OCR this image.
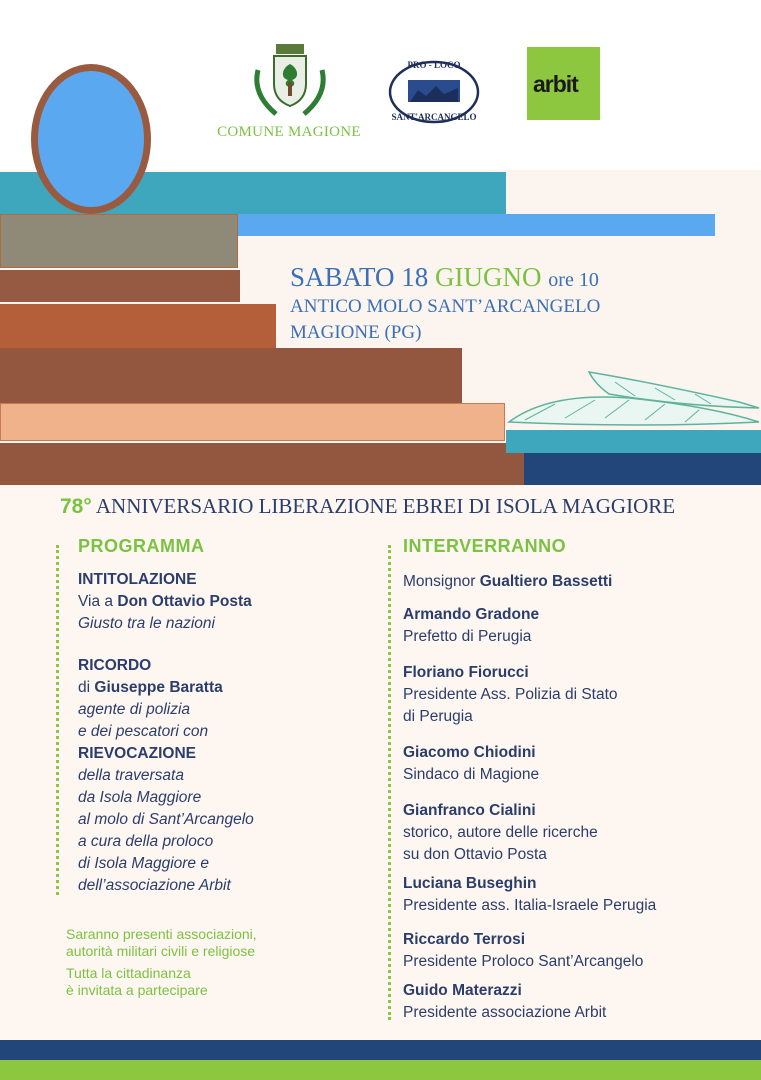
COMUNE MAGIONE
PRO - LOCO
SANT'ARCANGELO
arbit
SABATO 18 GIUGNO ore 10
ANTICO MOLO SANT’ARCANGELO
MAGIONE (PG)
78° ANNIVERSARIO LIBERAZIONE EBREI DI ISOLA MAGGIORE
PROGRAMMA
INTITOLAZIONE
Via a Don Ottavio Posta
Giusto tra le nazioni
RICORDO
di Giuseppe Baratta
agente di polizia
e dei pescatori con
RIEVOCAZIONE
della traversata
da Isola Maggiore
al molo di Sant’Arcangelo
a cura della proloco
di Isola Maggiore e
dell’associazione Arbit
Saranno presenti associazioni,
autorità militari civili e religiose
Tutta la cittadinanza
è invitata a partecipare
INTERVERRANNO
Monsignor Gualtiero Bassetti
Armando Gradone
Prefetto di Perugia
Floriano Fiorucci
Presidente Ass. Polizia di Stato
di Perugia
Giacomo Chiodini
Sindaco di Magione
Gianfranco Cialini
storico, autore delle ricerche
su don Ottavio Posta
Luciana Buseghin
Presidente ass. Italia-Israele Perugia
Riccardo Terrosi
Presidente Proloco Sant’Arcangelo
Guido Materazzi
Presidente associazione Arbit
